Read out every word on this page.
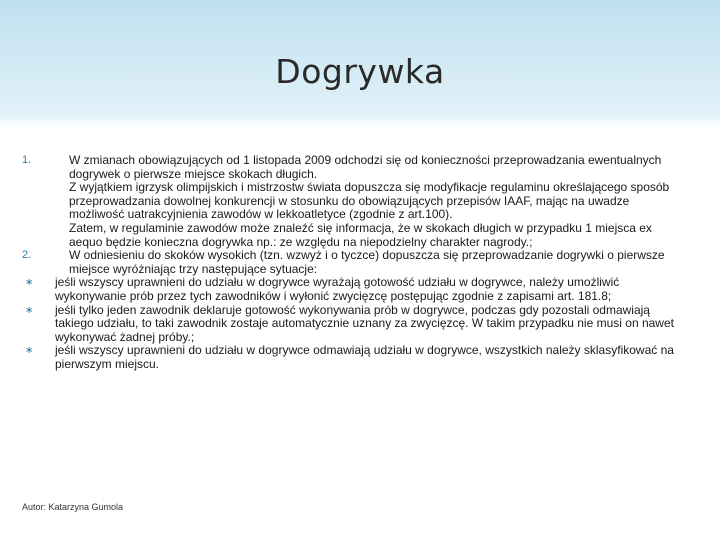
Dogrywka
1.	W zmianach obowiązujących od 1 listopada 2009 odchodzi się od konieczności przeprowadzania ewentualnych dogrywek o pierwsze miejsce skokach długich.
Z wyjątkiem igrzysk olimpijskich i mistrzostw świata dopuszcza się modyfikacje regulaminu określającego sposób przeprowadzania dowolnej konkurencji w stosunku do obowiązujących przepisów IAAF, mając na uwadze możliwość uatrakcyjnienia zawodów w lekkoatletyce (zgodnie z art.100).
Zatem, w regulaminie zawodów może znaleźć się informacja, że w skokach długich w przypadku 1 miejsca ex aequo będzie konieczna dogrywka np.: ze względu na niepodzielny charakter nagrody.;
2.	W odniesieniu do skoków wysokich (tzn. wzwyż i o tyczce) dopuszcza się przeprowadzanie dogrywki o pierwsze miejsce wyróżniając trzy następujące sytuacje:
∗ jeśli wszyscy uprawnieni do udziału w dogrywce wyrażają gotowość udziału w dogrywce, należy umożliwić wykonywanie prób przez tych zawodników i wyłonić zwycięzcę postępując zgodnie z zapisami art. 181.8;
∗ jeśli tylko jeden zawodnik deklaruje gotowość wykonywania prób w dogrywce, podczas gdy pozostali odmawiają takiego udziału, to taki zawodnik zostaje automatycznie uznany za zwycięzcę. W takim przypadku nie musi on nawet wykonywać żadnej próby.;
∗ jeśli wszyscy uprawnieni do udziału w dogrywce odmawiają udziału w dogrywce, wszystkich należy sklasyfikować na pierwszym miejscu.

Autor: Katarzyna Gumola
